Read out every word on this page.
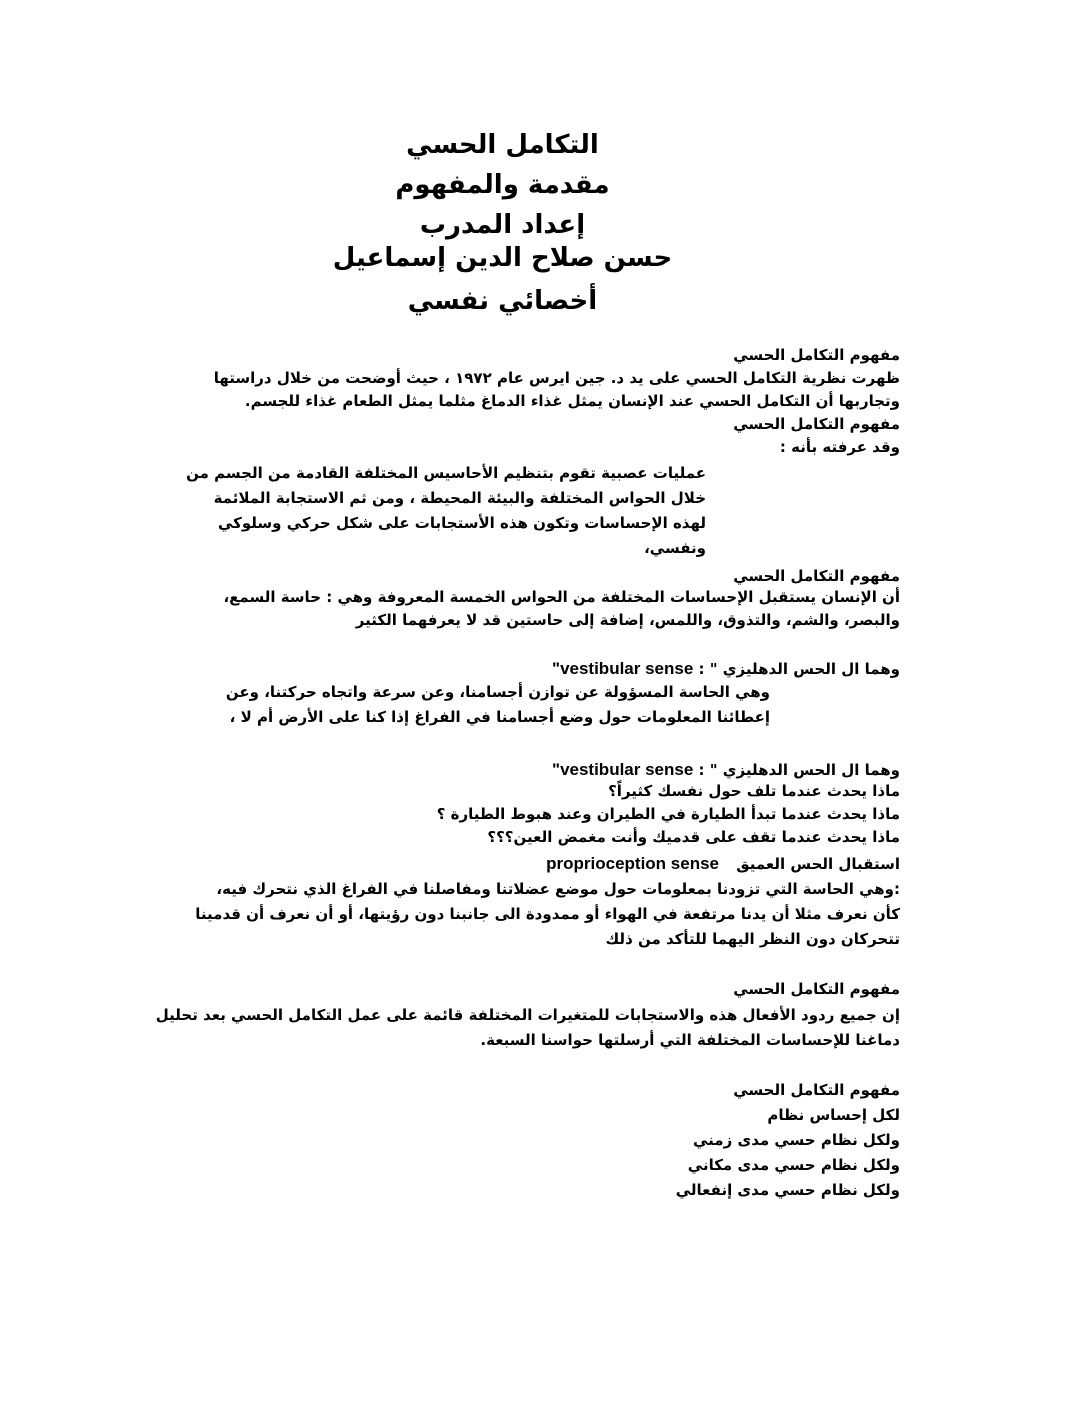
التكامل الحسي
مقدمة والمفهوم
إعداد المدرب
حسن صلاح الدين إسماعيل
أخصائي نفسي
مفهوم التكامل الحسي
ظهرت نظرية التكامل الحسي على يد د. جين ايرس عام ١٩٧٢ ، حيث أوضحت من خلال دراستها
وتجاربها أن التكامل الحسي عند الإنسان يمثل غذاء الدماغ مثلما يمثل الطعام غذاء للجسم.
مفهوم التكامل الحسي
وقد عرفته بأنه :
عمليات عصبية تقوم بتنظيم الأحاسيس المختلفة القادمة من الجسم من
خلال الحواس المختلفة والبيئة المحيطة ، ومن ثم الاستجابة الملائمة
لهذه الإحساسات وتكون هذه الأستجابات على شكل حركي وسلوكي
ونفسي،
مفهوم التكامل الحسي
أن الإنسان يستقبل الإحساسات المختلفة من الحواس الخمسة المعروفة وهي : حاسة السمع،
والبصر، والشم، والتذوق، واللمس، إضافة إلى حاستين قد لا يعرفهما الكثير
وهما ال الحس الدهليزي " : vestibular sense"
وهي الحاسة المسؤولة عن توازن أجسامنا، وعن سرعة واتجاه حركتنا، وعن
إعطائنا المعلومات حول وضع أجسامنا في الفراغ إذا كنا على الأرض أم لا ،
وهما ال الحس الدهليزي " : vestibular sense"
ماذا يحدث عندما تلف حول نفسك كثيراً؟
ماذا يحدث عندما تبدأ الطيارة في الطيران وعند هبوط الطيارة ؟
ماذا يحدث عندما تقف على قدميك وأنت مغمض العين؟؟؟
استقبال الحس العميق proprioception sense
:وهي الحاسة التي تزودنا بمعلومات حول موضع عضلاتنا ومفاصلنا في الفراغ الذي نتحرك فيه،
كأن نعرف مثلا أن يدنا مرتفعة في الهواء أو ممدودة الى جانبنا دون رؤيتها، أو أن نعرف أن قدمينا
تتحركان دون النظر اليهما للتأكد من ذلك
مفهوم التكامل الحسي
إن جميع ردود الأفعال هذه والاستجابات للمتغيرات المختلفة قائمة على عمل التكامل الحسي بعد تحليل
دماغنا للإحساسات المختلفة التي أرسلتها حواسنا السبعة.
مفهوم التكامل الحسي
لكل إحساس نظام
ولكل نظام حسي مدى زمني
ولكل نظام حسي مدى مكاني
ولكل نظام حسي مدى إنفعالي
